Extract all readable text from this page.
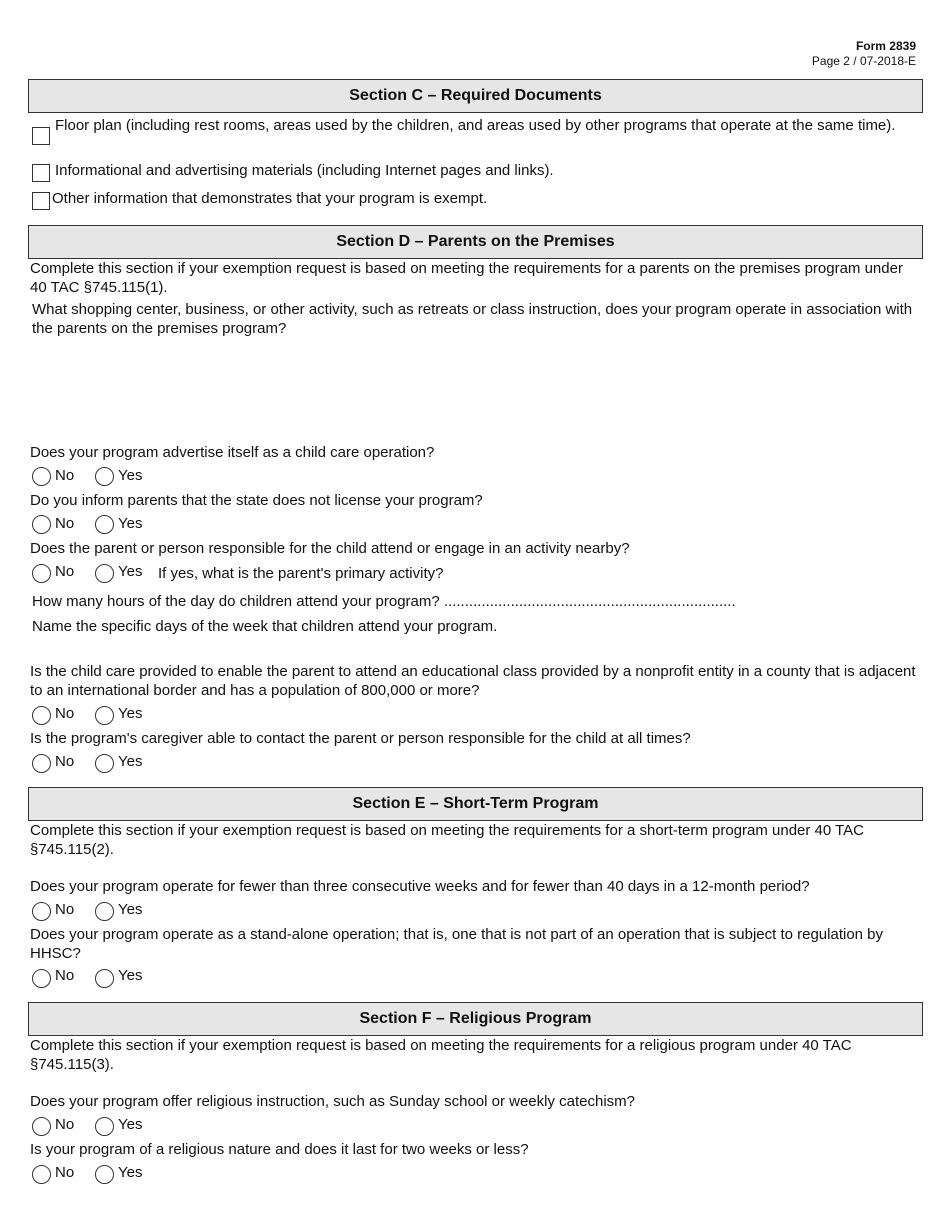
Form 2839
Page 2 / 07-2018-E
Section C – Required Documents
Floor plan (including rest rooms, areas used by the children, and areas used by other programs that operate at the same time).
Informational and advertising materials (including Internet pages and links).
Other information that demonstrates that your program is exempt.
Section D – Parents on the Premises
Complete this section if your exemption request is based on meeting the requirements for a parents on the premises program under 40 TAC §745.115(1).
What shopping center, business, or other activity, such as retreats or class instruction, does your program operate in association with the parents on the premises program?
Does your program advertise itself as a child care operation?
No	Yes
Do you inform parents that the state does not license your program?
No	Yes
Does the parent or person responsible for the child attend or engage in an activity nearby?
No	Yes If yes, what is the parent's primary activity?
How many hours of the day do children attend your program? ......................................................................
Name the specific days of the week that children attend your program.
Is the child care provided to enable the parent to attend an educational class provided by a nonprofit entity in a county that is adjacent to an international border and has a population of 800,000 or more?
No	Yes
Is the program's caregiver able to contact the parent or person responsible for the child at all times?
No	Yes
Section E – Short-Term Program
Complete this section if your exemption request is based on meeting the requirements for a short-term program under 40 TAC §745.115(2).
Does your program operate for fewer than three consecutive weeks and for fewer than 40 days in a 12-month period?
No	Yes
Does your program operate as a stand-alone operation; that is, one that is not part of an operation that is subject to regulation by HHSC?
No	Yes
Section F – Religious Program
Complete this section if your exemption request is based on meeting the requirements for a religious program under 40 TAC §745.115(3).
Does your program offer religious instruction, such as Sunday school or weekly catechism?
No	Yes
Is your program of a religious nature and does it last for two weeks or less?
No	Yes
